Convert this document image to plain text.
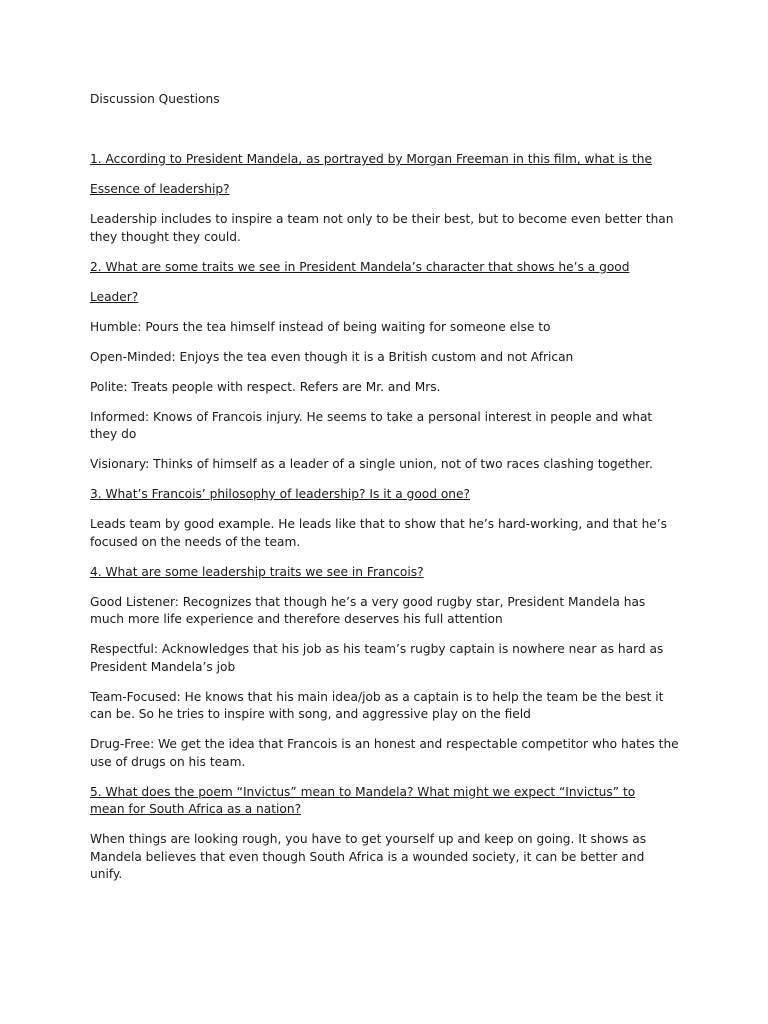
Discussion Questions

1. According to President Mandela, as portrayed by Morgan Freeman in this film, what is the
Essence of leadership?

Leadership includes to inspire a team not only to be their best, but to become even better than they thought they could.

2. What are some traits we see in President Mandela’s character that shows he’s a good
Leader?

Humble: Pours the tea himself instead of being waiting for someone else to

Open-Minded: Enjoys the tea even though it is a British custom and not African

Polite: Treats people with respect. Refers are Mr. and Mrs.

Informed: Knows of Francois injury. He seems to take a personal interest in people and what they do

Visionary: Thinks of himself as a leader of a single union, not of two races clashing together.

3. What’s Francois’ philosophy of leadership? Is it a good one?

Leads team by good example. He leads like that to show that he’s hard-working, and that he’s focused on the needs of the team.

4. What are some leadership traits we see in Francois?

Good Listener: Recognizes that though he’s a very good rugby star, President Mandela has much more life experience and therefore deserves his full attention

Respectful: Acknowledges that his job as his team’s rugby captain is nowhere near as hard as President Mandela’s job

Team-Focused: He knows that his main idea/job as a captain is to help the team be the best it can be. So he tries to inspire with song, and aggressive play on the field

Drug-Free: We get the idea that Francois is an honest and respectable competitor who hates the use of drugs on his team.

5. What does the poem “Invictus” mean to Mandela? What might we expect “Invictus” to
mean for South Africa as a nation?

When things are looking rough, you have to get yourself up and keep on going. It shows as Mandela believes that even though South Africa is a wounded society, it can be better and unify.
